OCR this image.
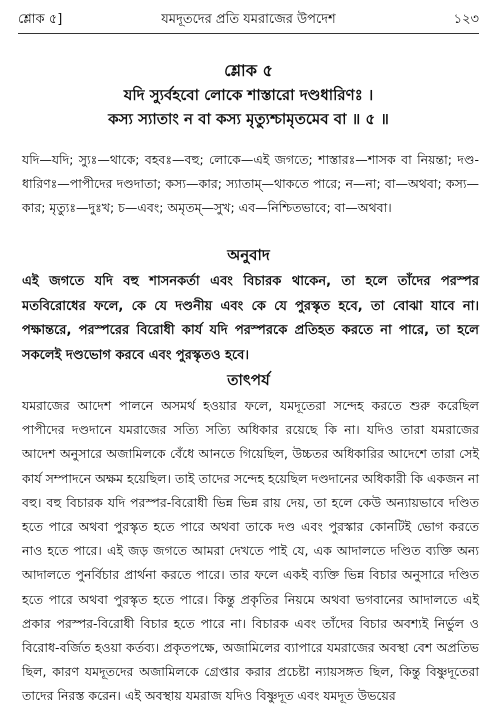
শ্লোক ৫]	যমদূতদের প্রতি যমরাজের উপদেশ	১২৩
শ্লোক ৫
যদি স্যুর্বহবো লোকে শাস্তারো দণ্ডধারিণঃ ।
কস্য স্যাতাং ন বা কস্য মৃত্যুশ্চামৃতমেব বা ॥ ৫ ॥
যদি—যদি; স্যুঃ—থাকে; বহবঃ—বহু; লোকে—এই জগতে; শাস্তারঃ—শাসক বা নিয়ন্তা; দণ্ড-ধারিণঃ—পাপীদের দণ্ডদাতা; কস্য—কার; স্যাতাম্—থাকতে পারে; ন—না; বা—অথবা; কস্য—কার; মৃত্যুঃ—দুঃখ; চ—এবং; অমৃতম্—সুখ; এব—নিশ্চিতভাবে; বা—অথবা।
অনুবাদ
এই জগতে যদি বহু শাসনকর্তা এবং বিচারক থাকেন, তা হলে তাঁদের পরস্পর মতবিরোধের ফলে, কে যে দণ্ডনীয় এবং কে যে পুরস্কৃত হবে, তা বোঝা যাবে না। পক্ষান্তরে, পরস্পরের বিরোধী কার্য যদি পরস্পরকে প্রতিহত করতে না পারে, তা হলে সকলেই দণ্ডভোগ করবে এবং পুরস্কৃতও হবে।
তাৎপর্য

যমরাজের আদেশ পালনে অসমর্থ হওয়ার ফলে, যমদূতেরা সন্দেহ করতে শুরু করেছিল পাপীদের দণ্ডদানে যমরাজের সত্যি সত্যি অধিকার রয়েছে কি না। যদিও তারা যমরাজের আদেশ অনুসারে অজামিলকে বেঁধে আনতে গিয়েছিল, উচ্চতর অধিকারির আদেশে তারা সেই কার্য সম্পাদনে অক্ষম হয়েছিল। তাই তাদের সন্দেহ হয়েছিল দণ্ডদানের অধিকারী কি একজন না বহু। বহু বিচারক যদি পরস্পর-বিরোধী ভিন্ন ভিন্ন রায় দেয়, তা হলে কেউ অন্যায়ভাবে দণ্ডিত হতে পারে অথবা পুরস্কৃত হতে পারে অথবা তাকে দণ্ড এবং পুরস্কার কোনটিই ভোগ করতে নাও হতে পারে। এই জড় জগতে আমরা দেখতে পাই যে, এক আদালতে দণ্ডিত ব্যক্তি অন্য আদালতে পুনর্বিচার প্রার্থনা করতে পারে। তার ফলে একই ব্যক্তি ভিন্ন বিচার অনুসারে দণ্ডিত হতে পারে অথবা পুরস্কৃত হতে পারে। কিন্তু প্রকৃতির নিয়মে অথবা ভগবানের আদালতে এই প্রকার পরস্পর-বিরোধী বিচার হতে পারে না। বিচারক এবং তাঁদের বিচার অবশ্যই নির্ভুল ও বিরোধ-বর্জিত হওয়া কর্তব্য। প্রকৃতপক্ষে, অজামিলের ব্যাপারে যমরাজের অবস্থা বেশ অপ্রতিভ ছিল, কারণ যমদূতদের অজামিলকে গ্রেপ্তার করার প্রচেষ্টা ন্যায়সঙ্গত ছিল, কিন্তু বিষ্ণুদূতেরা তাদের নিরস্ত করেন। এই অবস্থায় যমরাজ যদিও বিষ্ণুদূত এবং যমদূত উভয়ের
